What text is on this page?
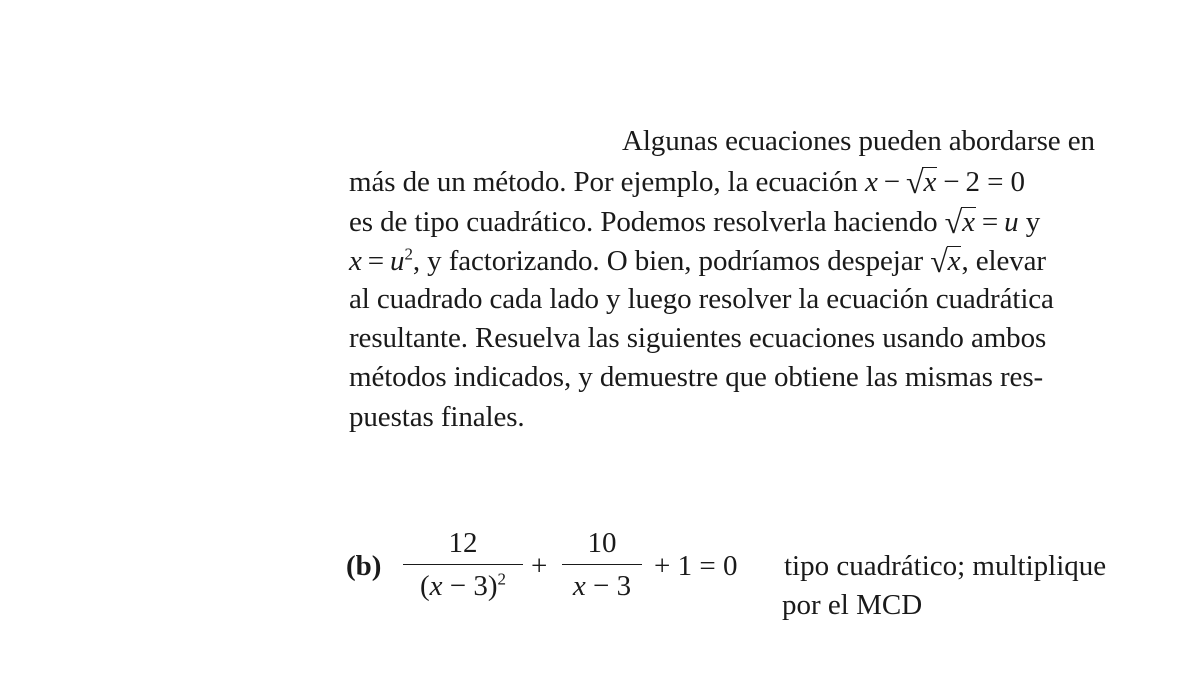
Algunas ecuaciones pueden abordarse en
más de un método. Por ejemplo, la ecuación x − √x − 2 = 0
es de tipo cuadrático. Podemos resolverla haciendo √x = u y
$x = u^2$, y factorizando. O bien, podríamos despejar √x, elevar
al cuadrado cada lado y luego resolver la ecuación cuadrática
resultante. Resuelva las siguientes ecuaciones usando ambos
métodos indicados, y demuestre que obtiene las mismas res-
puestas finales.
(b)
12
$(x - 3)^2$ +
10
x − 3
+ 1 = 0 tipo cuadrático; multiplique
por el MCD
